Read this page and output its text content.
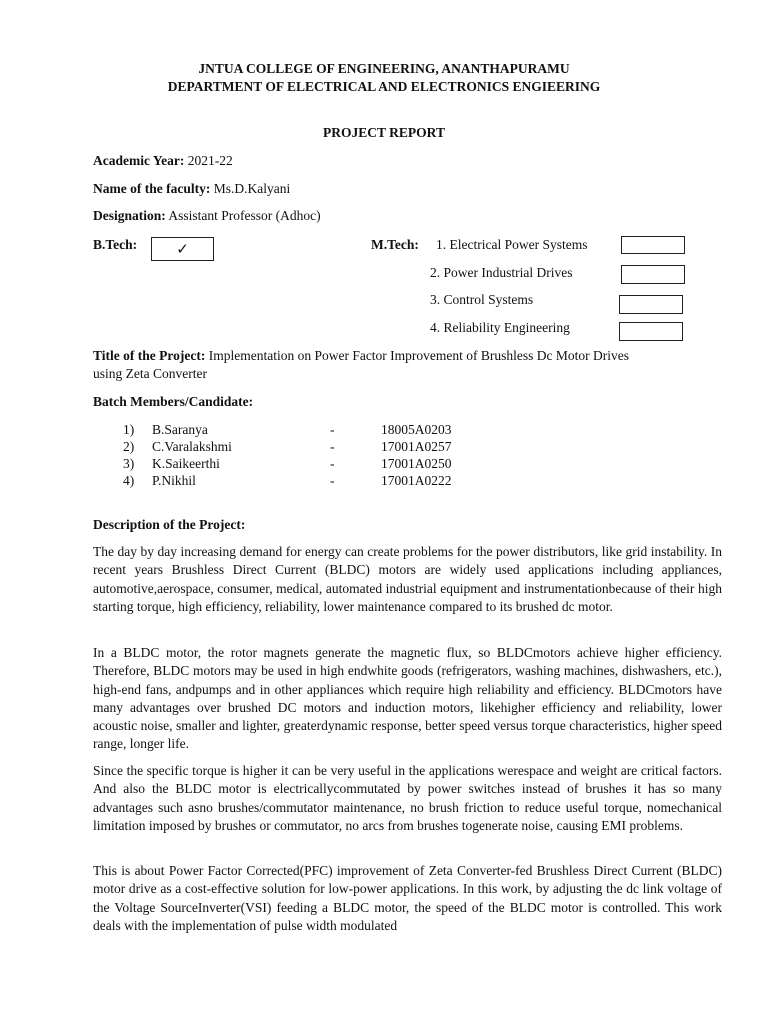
JNTUA COLLEGE OF ENGINEERING, ANANTHAPURAMU
DEPARTMENT OF ELECTRICAL AND ELECTRONICS ENGIEERING
PROJECT REPORT
Academic Year: 2021-22
Name of the faculty: Ms.D.Kalyani
Designation: Assistant Professor (Adhoc)
B.Tech:	✓	M.Tech: 1. Electrical Power Systems
2. Power Industrial Drives
3. Control Systems
4. Reliability Engineering
Title of the Project: Implementation on Power Factor Improvement of Brushless Dc Motor Drives
using Zeta Converter
Batch Members/Candidate:
1) B.Saranya	-	18005A0203
2) C.Varalakshmi	-	17001A0257
3) K.Saikeerthi	-	17001A0250
4) P.Nikhil	-	17001A0222
Description of the Project:

The day by day increasing demand for energy can create problems for the power distributors, like grid instability. In recent years Brushless Direct Current (BLDC) motors are widely used applications including appliances, automotive,aerospace, consumer, medical, automated industrial equipment and instrumentationbecause of their high starting torque, high efficiency, reliability, lower maintenance compared to its brushed dc motor.

In a BLDC motor, the rotor magnets generate the magnetic flux, so BLDCmotors achieve higher efficiency. Therefore, BLDC motors may be used in high endwhite goods (refrigerators, washing machines, dishwashers, etc.), high-end fans, andpumps and in other appliances which require high reliability and efficiency. BLDCmotors have many advantages over brushed DC motors and induction motors, likehigher efficiency and reliability, lower acoustic noise, smaller and lighter, greaterdynamic response, better speed versus torque characteristics, higher speed range, longer life.

Since the specific torque is higher it can be very useful in the applications werespace and weight are critical factors. And also the BLDC motor is electricallycommutated by power switches instead of brushes it has so many advantages such asno brushes/commutator maintenance, no brush friction to reduce useful torque, nomechanical limitation imposed by brushes or commutator, no arcs from brushes togenerate noise, causing EMI problems.

This is about Power Factor Corrected(PFC) improvement of Zeta Converter-fed Brushless Direct Current (BLDC) motor drive as a cost-effective solution for low-power applications. In this work, by adjusting the dc link voltage of the Voltage SourceInverter(VSI) feeding a BLDC motor, the speed of the BLDC motor is controlled. This work deals with the implementation of pulse width modulated
